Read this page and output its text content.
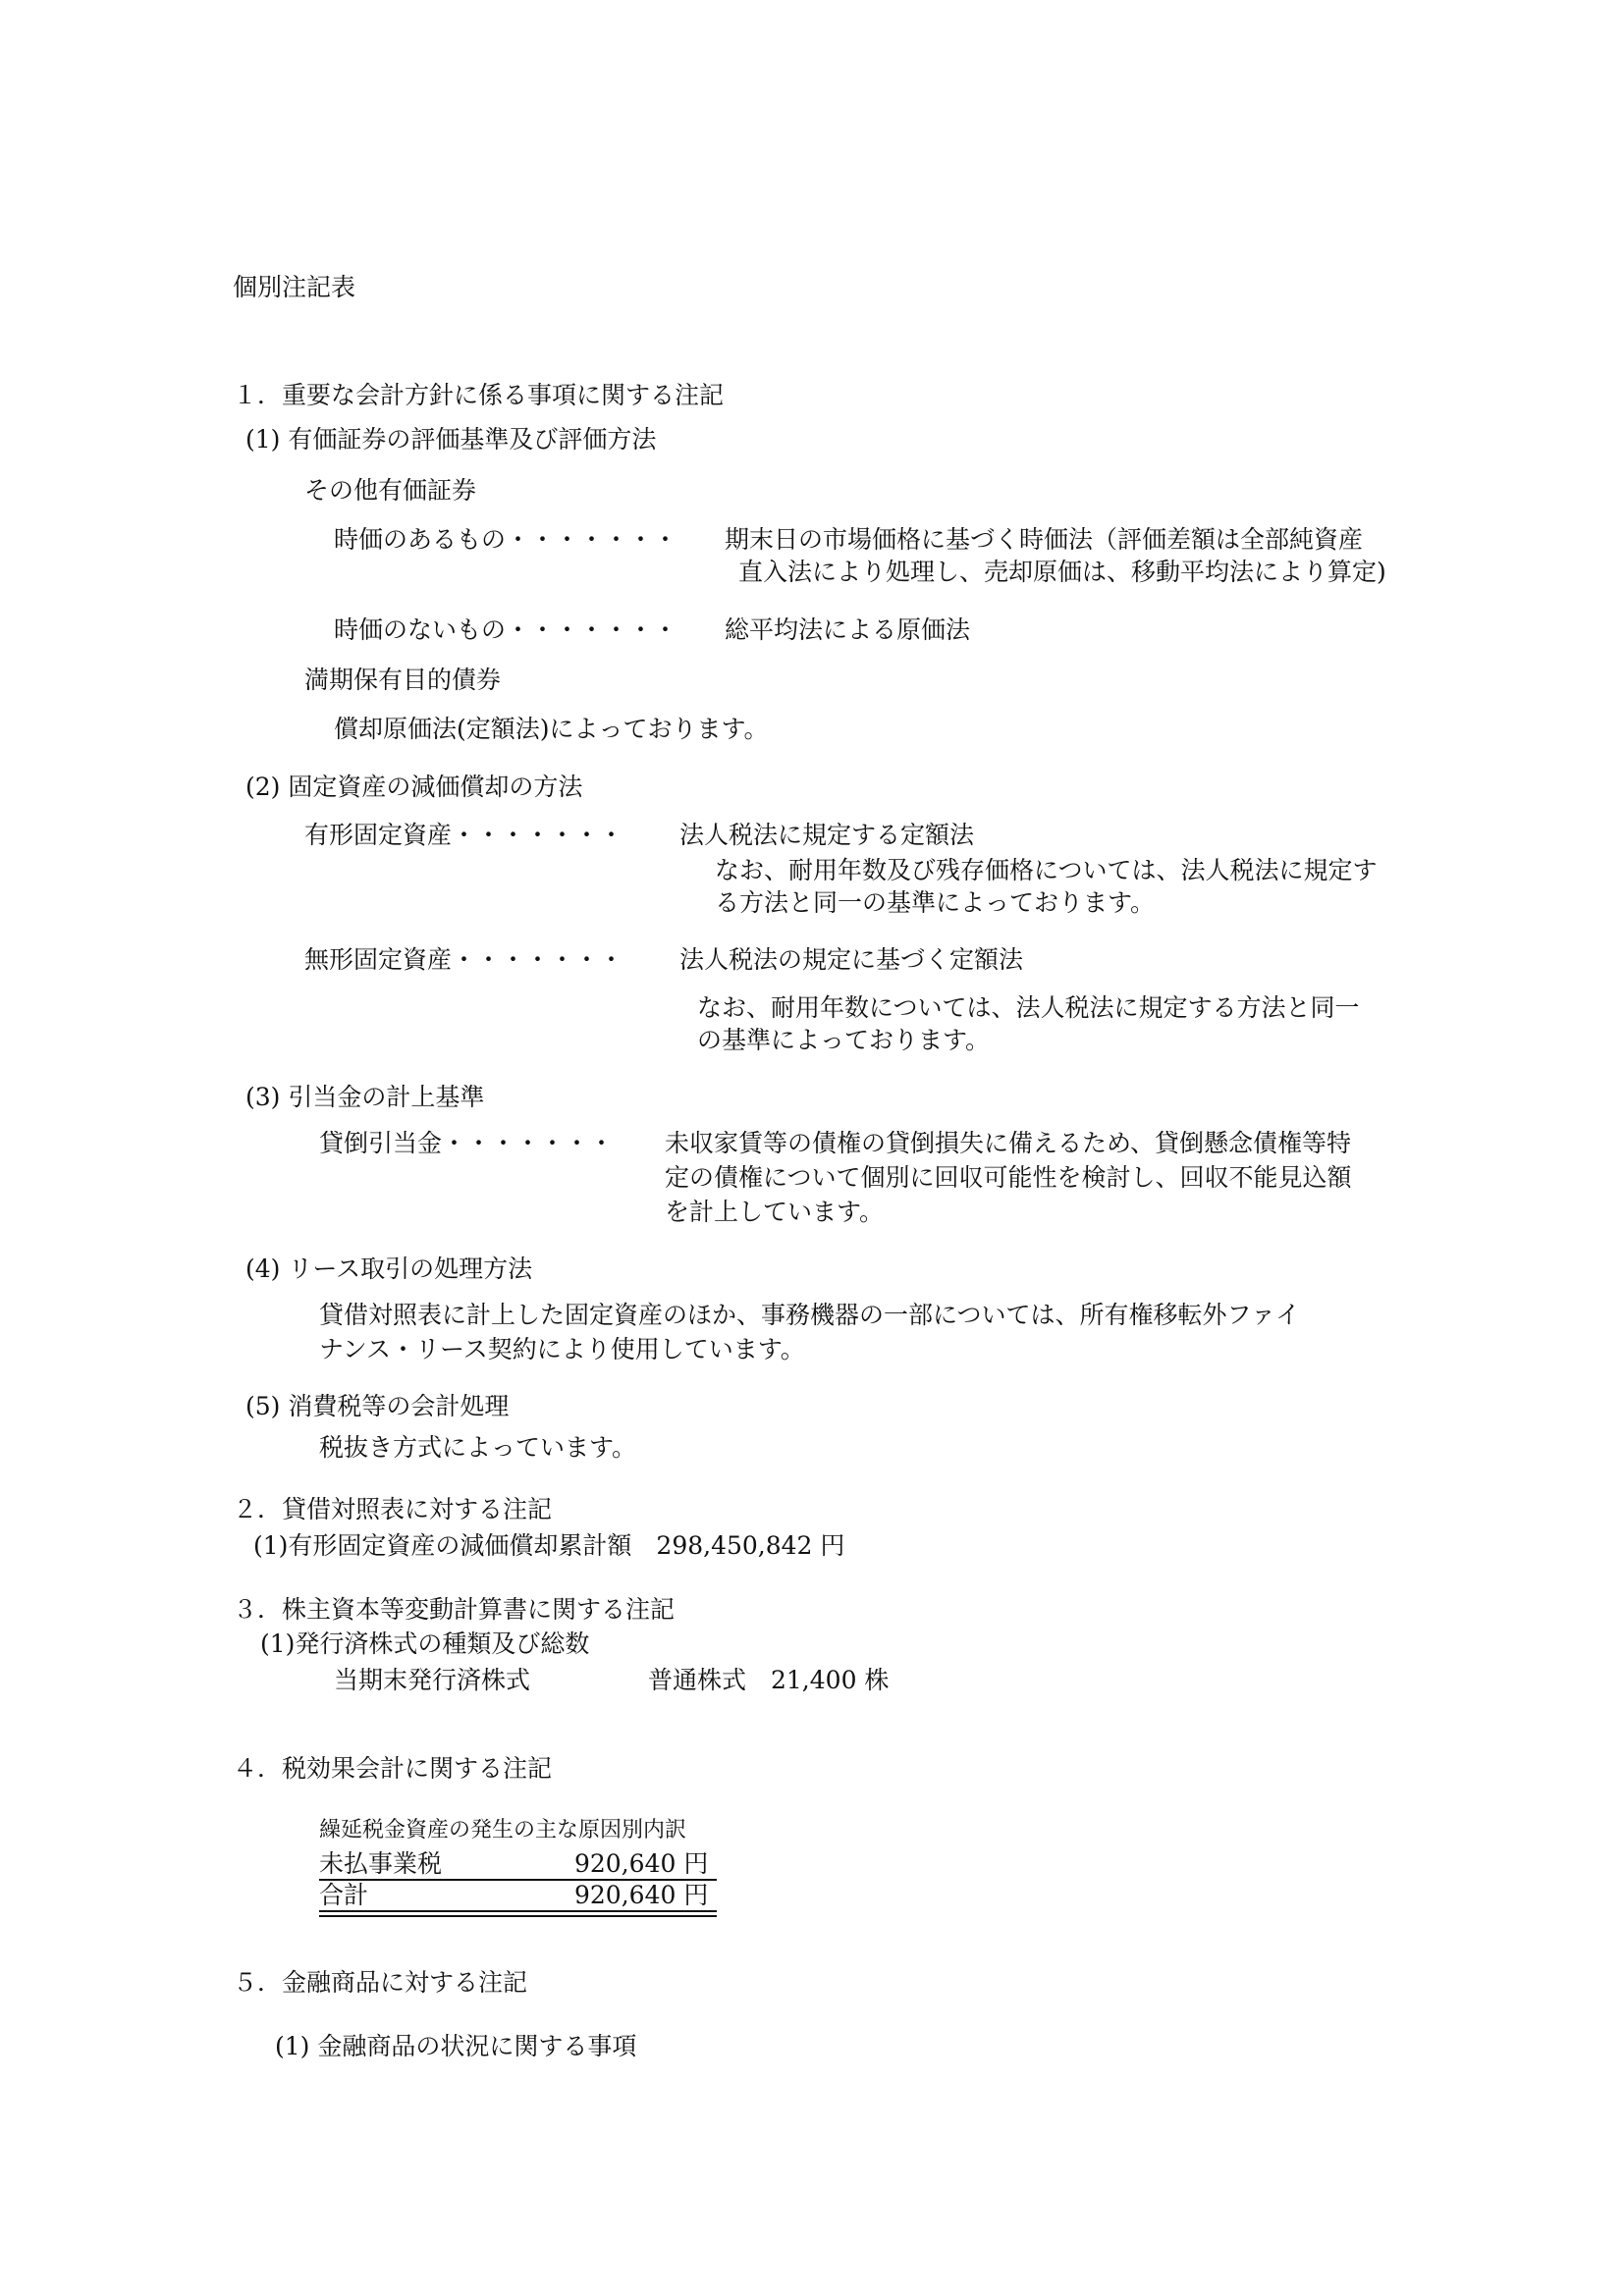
個別注記表
１．重要な会計方針に係る事項に関する注記
(1) 有価証券の評価基準及び評価方法
その他有価証券
時価のあるもの・・・・・・・ 期末日の市場価格に基づく時価法（評価差額は全部純資産
直入法により処理し、売却原価は、移動平均法により算定)
時価のないもの・・・・・・・ 総平均法による原価法
満期保有目的債券
償却原価法(定額法)によっております。
(2) 固定資産の減価償却の方法
有形固定資産・・・・・・・ 法人税法に規定する定額法
なお、耐用年数及び残存価格については、法人税法に規定す
る方法と同一の基準によっております。
無形固定資産・・・・・・・ 法人税法の規定に基づく定額法
なお、耐用年数については、法人税法に規定する方法と同一
の基準によっております。
(3) 引当金の計上基準
貸倒引当金・・・・・・・ 未収家賃等の債権の貸倒損失に備えるため、貸倒懸念債権等特
定の債権について個別に回収可能性を検討し、回収不能見込額
を計上しています。
(4) リース取引の処理方法
貸借対照表に計上した固定資産のほか、事務機器の一部については、所有権移転外ファイ
ナンス・リース契約により使用しています。
(5) 消費税等の会計処理
税抜き方式によっています。
２．貸借対照表に対する注記
(1)有形固定資産の減価償却累計額　298,450,842 円
３．株主資本等変動計算書に関する注記
(1)発行済株式の種類及び総数
当期末発行済株式	普通株式　21,400 株
４．税効果会計に関する注記
繰延税金資産の発生の主な原因別内訳
未払事業税	920,640 円
合計	920,640 円
５．金融商品に対する注記
(1) 金融商品の状況に関する事項
